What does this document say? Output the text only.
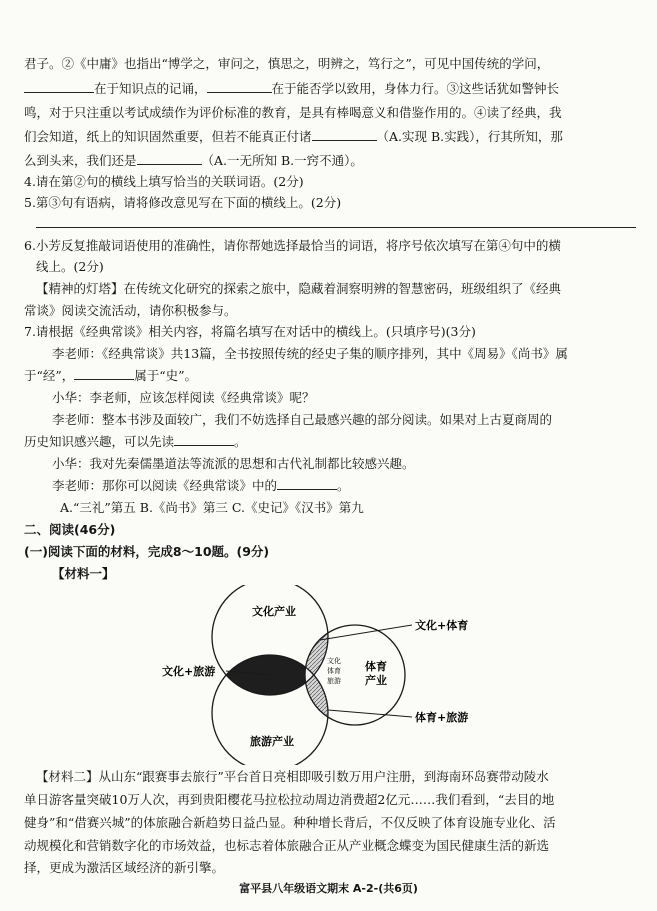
君子。②《中庸》也指出“博学之，审问之，慎思之，明辨之，笃行之”，可见中国传统的学问，
在于知识点的记诵，	在于能否学以致用，身体力行。③这些话犹如警钟长
鸣，对于只注重以考试成绩作为评价标准的教育，是具有棒喝意义和借鉴作用的。④读了经典，我
们会知道，纸上的知识固然重要，但若不能真正付诸	（A.实现 B.实践），行其所知，那
么到头来，我们还是	（A.一无所知 B.一窍不通）。
4.请在第②句的横线上填写恰当的关联词语。(2分)
5.第③句有语病，请将修改意见写在下面的横线上。(2分)
6.小芳反复推敲词语使用的准确性，请你帮她选择最恰当的词语，将序号依次填写在第④句中的横
线上。(2分)
【精神的灯塔】在传统文化研究的探索之旅中，隐藏着洞察明辨的智慧密码，班级组织了《经典
常谈》阅读交流活动，请你积极参与。
7.请根据《经典常谈》相关内容，将篇名填写在对话中的横线上。(只填序号)(3分)
李老师：《经典常谈》共13篇，全书按照传统的经史子集的顺序排列，其中《周易》《尚书》属
于“经”，	属于“史”。
小华：李老师，应该怎样阅读《经典常谈》呢？
李老师：整本书涉及面较广，我们不妨选择自己最感兴趣的部分阅读。如果对上古夏商周的
历史知识感兴趣，可以先读	。
小华：我对先秦儒墨道法等流派的思想和古代礼制都比较感兴趣。
李老师：那你可以阅读《经典常谈》中的	。
A.“三礼”第五 B.《尚书》第三 C.《史记》《汉书》第九
二、阅读(46分)
(一)阅读下面的材料，完成8～10题。(9分)
【材料一】
文化产业
旅游产业
体育
产业
文化
体育
旅游
文化+旅游
文化+体育
体育+旅游
【材料二】从山东“跟赛事去旅行”平台首日亮相即吸引数万用户注册，到海南环岛赛带动陵水
单日游客量突破10万人次，再到贵阳樱花马拉松拉动周边消费超2亿元……我们看到，“去目的地
健身”和“借赛兴城”的体旅融合新趋势日益凸显。种种增长背后，不仅反映了体育设施专业化、活
动规模化和营销数字化的市场效益，也标志着体旅融合正从产业概念蝶变为国民健康生活的新选
择，更成为激活区域经济的新引擎。
富平县八年级语文期末 A-2-(共6页)
